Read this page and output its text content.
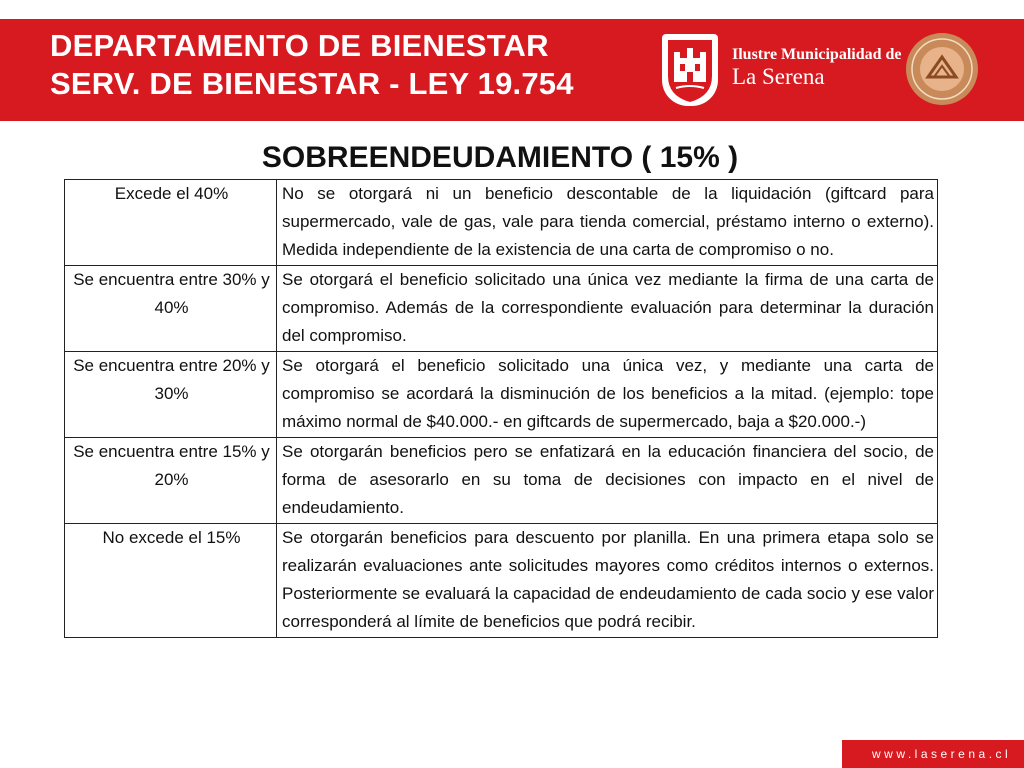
DEPARTAMENTO DE BIENESTAR
SERV. DE BIENESTAR - LEY 19.754
Ilustre Municipalidad de
La Serena
SOBREENDEUDAMIENTO ( 15% )
Excede el 40%	No se otorgará ni un beneficio descontable de la liquidación (giftcard para supermercado, vale de gas, vale para tienda comercial, préstamo interno o externo). Medida independiente de la existencia de una carta de compromiso o no.
Se encuentra entre 30% y 40%	Se otorgará el beneficio solicitado una única vez mediante la firma de una carta de compromiso. Además de la correspondiente evaluación para determinar la duración del compromiso.
Se encuentra entre 20% y 30%	Se otorgará el beneficio solicitado una única vez, y mediante una carta de compromiso se acordará la disminución de los beneficios a la mitad. (ejemplo: tope máximo normal de $40.000.- en giftcards de supermercado, baja a $20.000.-)
Se encuentra entre 15% y 20%	Se otorgarán beneficios pero se enfatizará en la educación financiera del socio, de forma de asesorarlo en su toma de decisiones con impacto en el nivel de endeudamiento.
No excede el 15%	Se otorgarán beneficios para descuento por planilla. En una primera etapa solo se realizarán evaluaciones ante solicitudes mayores como créditos internos o externos. Posteriormente se evaluará la capacidad de endeudamiento de cada socio y ese valor corresponderá al límite de beneficios que podrá recibir.
www.laserena.cl
